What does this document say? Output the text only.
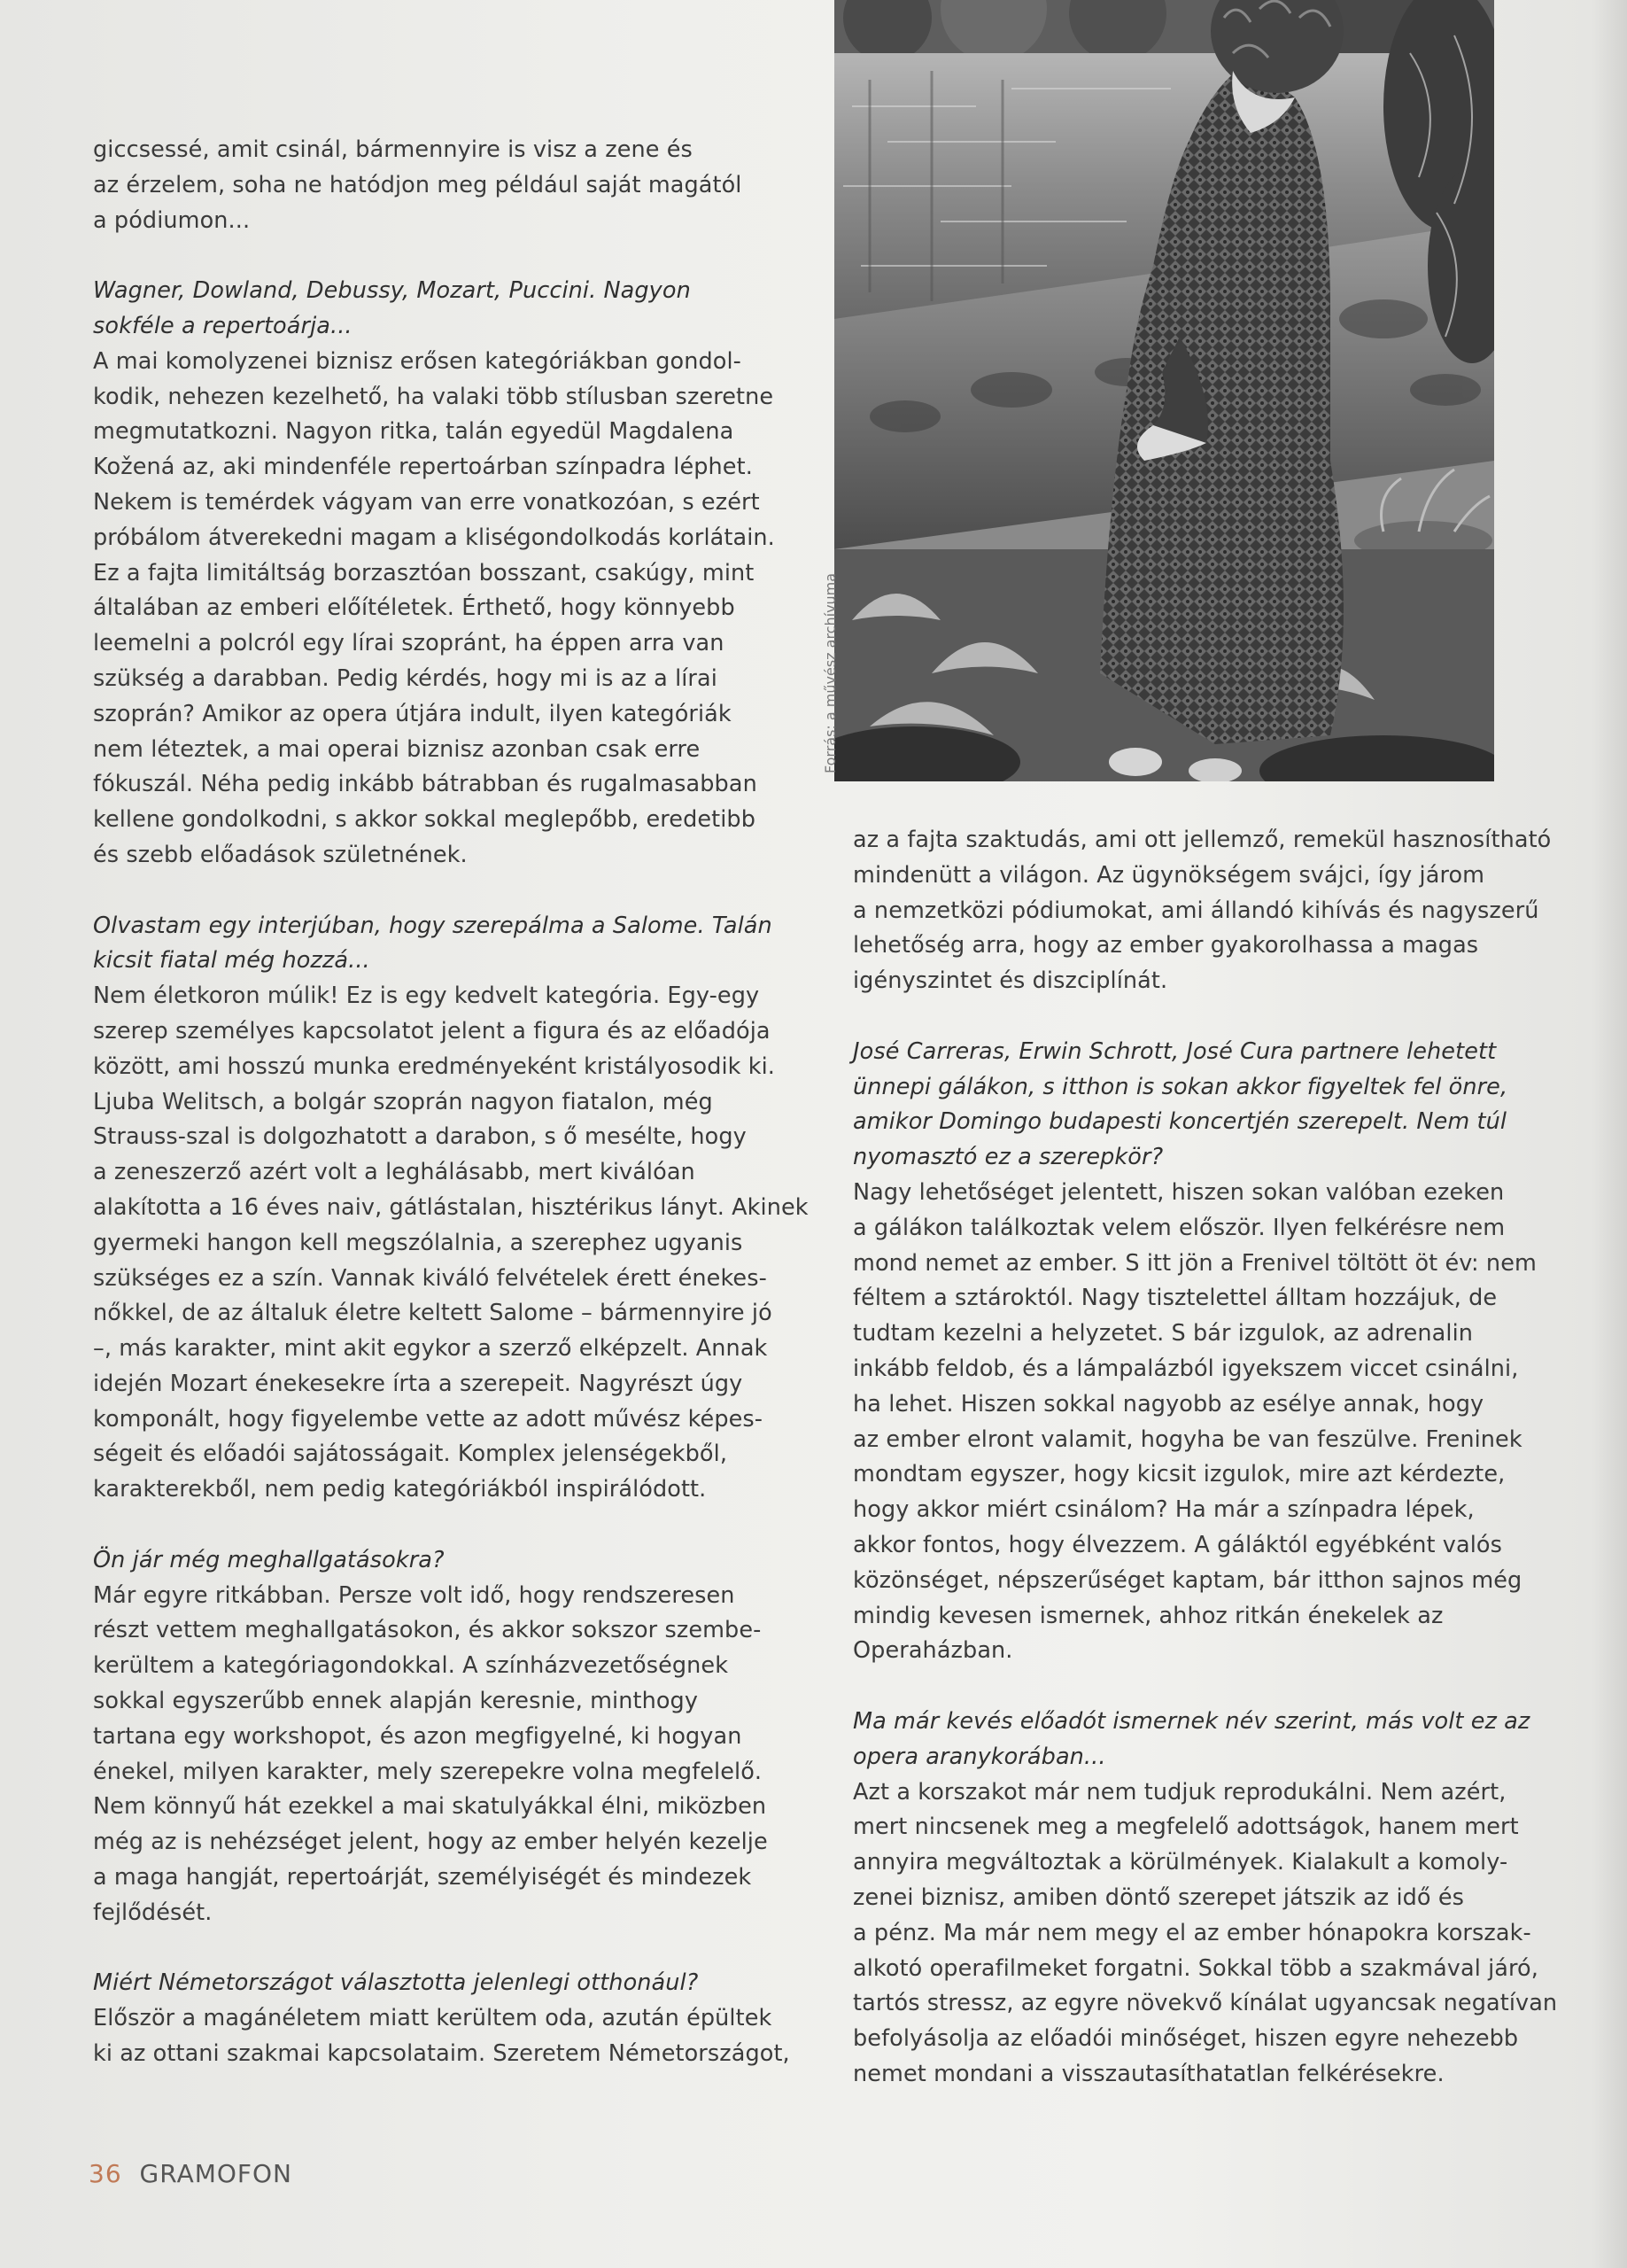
giccsessé, amit csinál, bármennyire is visz a zene és
az érzelem, soha ne hatódjon meg például saját magától
a pódiumon...
Wagner, Dowland, Debussy, Mozart, Puccini. Nagyon
sokféle a repertoárja...
A mai komolyzenei biznisz erősen kategóriákban gondol-
kodik, nehezen kezelhető, ha valaki több stílusban szeretne
megmutatkozni. Nagyon ritka, talán egyedül Magdalena
Kožená az, aki mindenféle repertoárban színpadra léphet.
Nekem is temérdek vágyam van erre vonatkozóan, s ezért
próbálom átverekedni magam a kliségondolkodás korlátain.
Ez a fajta limitáltság borzasztóan bosszant, csakúgy, mint
általában az emberi előítéletek. Érthető, hogy könnyebb
leemelni a polcról egy lírai szopránt, ha éppen arra van
szükség a darabban. Pedig kérdés, hogy mi is az a lírai
szoprán? Amikor az opera útjára indult, ilyen kategóriák
nem léteztek, a mai operai biznisz azonban csak erre
fókuszál. Néha pedig inkább bátrabban és rugalmasabban
kellene gondolkodni, s akkor sokkal meglepőbb, eredetibb
és szebb előadások születnének.
Olvastam egy interjúban, hogy szerepálma a Salome. Talán
kicsit fiatal még hozzá...
Nem életkoron múlik! Ez is egy kedvelt kategória. Egy-egy
szerep személyes kapcsolatot jelent a figura és az előadója
között, ami hosszú munka eredményeként kristályosodik ki.
Ljuba Welitsch, a bolgár szoprán nagyon fiatalon, még
Strauss-szal is dolgozhatott a darabon, s ő mesélte, hogy
a zeneszerző azért volt a leghálásabb, mert kiválóan
alakította a 16 éves naiv, gátlástalan, hisztérikus lányt. Akinek
gyermeki hangon kell megszólalnia, a szerephez ugyanis
szükséges ez a szín. Vannak kiváló felvételek érett énekes-
nőkkel, de az általuk életre keltett Salome – bármennyire jó
–, más karakter, mint akit egykor a szerző elképzelt. Annak
idején Mozart énekesekre írta a szerepeit. Nagyrészt úgy
komponált, hogy figyelembe vette az adott művész képes-
ségeit és előadói sajátosságait. Komplex jelenségekből,
karakterekből, nem pedig kategóriákból inspirálódott.
Ön jár még meghallgatásokra?
Már egyre ritkábban. Persze volt idő, hogy rendszeresen
részt vettem meghallgatásokon, és akkor sokszor szembe-
kerültem a kategóriagondokkal. A színházvezetőségnek
sokkal egyszerűbb ennek alapján keresnie, minthogy
tartana egy workshopot, és azon megfigyelné, ki hogyan
énekel, milyen karakter, mely szerepekre volna megfelelő.
Nem könnyű hát ezekkel a mai skatulyákkal élni, miközben
még az is nehézséget jelent, hogy az ember helyén kezelje
a maga hangját, repertoárját, személyiségét és mindezek
fejlődését.
Miért Németországot választotta jelenlegi otthonául?
Először a magánéletem miatt kerültem oda, azután épültek
ki az ottani szakmai kapcsolataim. Szeretem Németországot,
Forrás: a művész archívuma
az a fajta szaktudás, ami ott jellemző, remekül hasznosítható
mindenütt a világon. Az ügynökségem svájci, így járom
a nemzetközi pódiumokat, ami állandó kihívás és nagyszerű
lehetőség arra, hogy az ember gyakorolhassa a magas
igényszintet és diszciplínát.
José Carreras, Erwin Schrott, José Cura partnere lehetett
ünnepi gálákon, s itthon is sokan akkor figyeltek fel önre,
amikor Domingo budapesti koncertjén szerepelt. Nem túl
nyomasztó ez a szerepkör?
Nagy lehetőséget jelentett, hiszen sokan valóban ezeken
a gálákon találkoztak velem először. Ilyen felkérésre nem
mond nemet az ember. S itt jön a Frenivel töltött öt év: nem
féltem a sztároktól. Nagy tisztelettel álltam hozzájuk, de
tudtam kezelni a helyzetet. S bár izgulok, az adrenalin
inkább feldob, és a lámpalázból igyekszem viccet csinálni,
ha lehet. Hiszen sokkal nagyobb az esélye annak, hogy
az ember elront valamit, hogyha be van feszülve. Freninek
mondtam egyszer, hogy kicsit izgulok, mire azt kérdezte,
hogy akkor miért csinálom? Ha már a színpadra lépek,
akkor fontos, hogy élvezzem. A gáláktól egyébként valós
közönséget, népszerűséget kaptam, bár itthon sajnos még
mindig kevesen ismernek, ahhoz ritkán énekelek az
Operaházban.
Ma már kevés előadót ismernek név szerint, más volt ez az
opera aranykorában...
Azt a korszakot már nem tudjuk reprodukálni. Nem azért,
mert nincsenek meg a megfelelő adottságok, hanem mert
annyira megváltoztak a körülmények. Kialakult a komoly-
zenei biznisz, amiben döntő szerepet játszik az idő és
a pénz. Ma már nem megy el az ember hónapokra korszak-
alkotó operafilmeket forgatni. Sokkal több a szakmával járó,
tartós stressz, az egyre növekvő kínálat ugyancsak negatívan
befolyásolja az előadói minőséget, hiszen egyre nehezebb
nemet mondani a visszautasíthatatlan felkérésekre.
36 GRAMOFON
